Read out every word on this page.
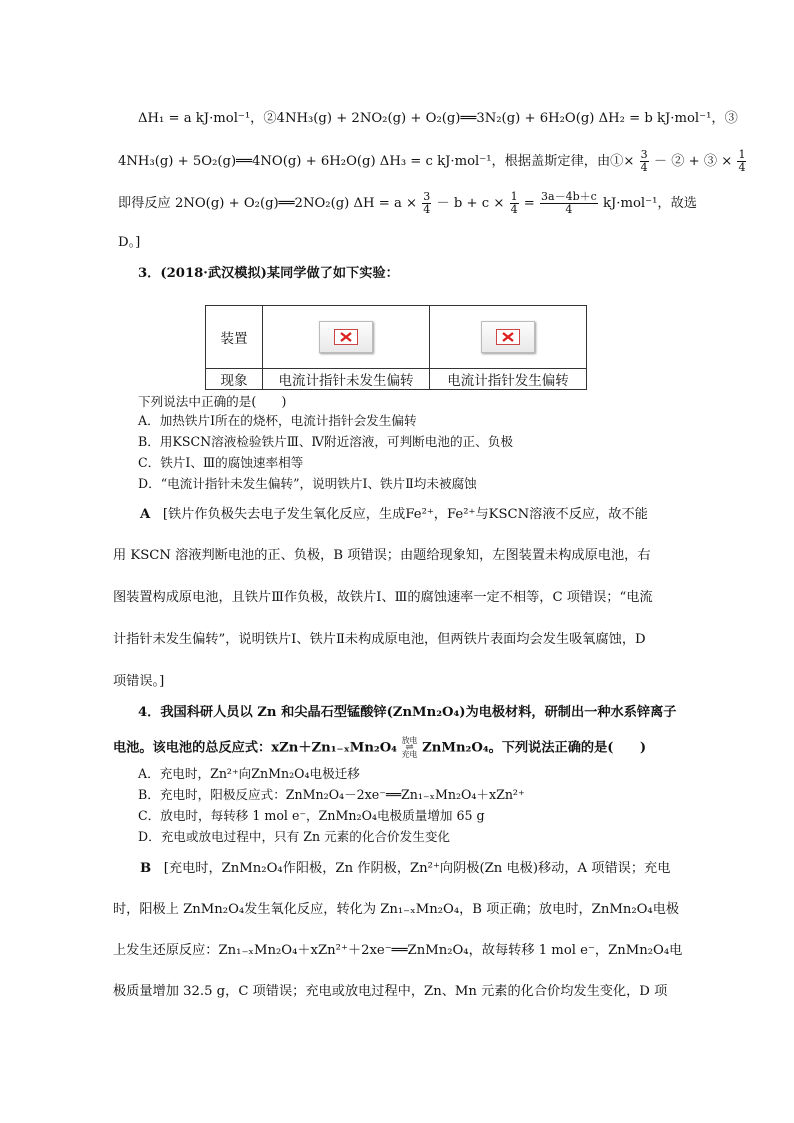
ΔH₁ = a kJ·mol⁻¹，②4NH₃(g) + 2NO₂(g) + O₂(g)══3N₂(g) + 6H₂O(g) ΔH₂ = b kJ·mol⁻¹，③
4NH₃(g) + 5O₂(g)══4NO(g) + 6H₂O(g) ΔH₃ = c kJ·mol⁻¹，根据盖斯定律，由①× $\frac{3}{4}$ － ② + ③ × $\frac{1}{4}$
即得反应 2NO(g) + O₂(g)══2NO₂(g) $\Delta H = a \times \frac{3}{4} - b + c \times \frac{1}{4} = \frac{3a-4b+c}{4} kJ\cdot mol^{-1}$，故选
D。]
3．(2018·武汉模拟)某同学做了如下实验：
装置	

现象	电流计指针未发生偏转	电流计指针发生偏转
下列说法中正确的是(　　)
A．加热铁片Ⅰ所在的烧杯，电流计指针会发生偏转
B．用KSCN溶液检验铁片Ⅲ、Ⅳ附近溶液，可判断电池的正、负极
C．铁片Ⅰ、Ⅲ的腐蚀速率相等
D．“电流计指针未发生偏转”，说明铁片Ⅰ、铁片Ⅱ均未被腐蚀
A [铁片作负极失去电子发生氧化反应，生成Fe²⁺，Fe²⁺与KSCN溶液不反应，故不能
用 KSCN 溶液判断电池的正、负极，B 项错误；由题给现象知，左图装置未构成原电池，右
图装置构成原电池，且铁片Ⅲ作负极，故铁片Ⅰ、Ⅲ的腐蚀速率一定不相等，C 项错误；“电流
计指针未发生偏转”，说明铁片Ⅰ、铁片Ⅱ未构成原电池，但两铁片表面均会发生吸氧腐蚀，D
项错误。]
4．我国科研人员以 Zn 和尖晶石型锰酸锌(ZnMn₂O₄)为电极材料，研制出一种水系锌离子
电池。该电池的总反应式：xZn＋Zn₁₋ₓMn₂O₄ 放电
⇌
充电 ZnMn₂O₄。下列说法正确的是(　　)
A．充电时，Zn²⁺向ZnMn₂O₄电极迁移
B．充电时，阳极反应式：ZnMn₂O₄－2xe⁻══Zn₁₋ₓMn₂O₄＋xZn²⁺
C．放电时，每转移 1 mol e⁻，ZnMn₂O₄电极质量增加 65 g
D．充电或放电过程中，只有 Zn 元素的化合价发生变化
B [充电时，ZnMn₂O₄作阳极，Zn 作阴极，Zn²⁺向阴极(Zn 电极)移动，A 项错误；充电
时，阳极上 ZnMn₂O₄发生氧化反应，转化为 Zn₁₋ₓMn₂O₄，B 项正确；放电时，ZnMn₂O₄电极
上发生还原反应：Zn₁₋ₓMn₂O₄＋xZn²⁺＋2xe⁻══ZnMn₂O₄，故每转移 1 mol e⁻，ZnMn₂O₄电
极质量增加 32.5 g，C 项错误；充电或放电过程中，Zn、Mn 元素的化合价均发生变化，D 项
